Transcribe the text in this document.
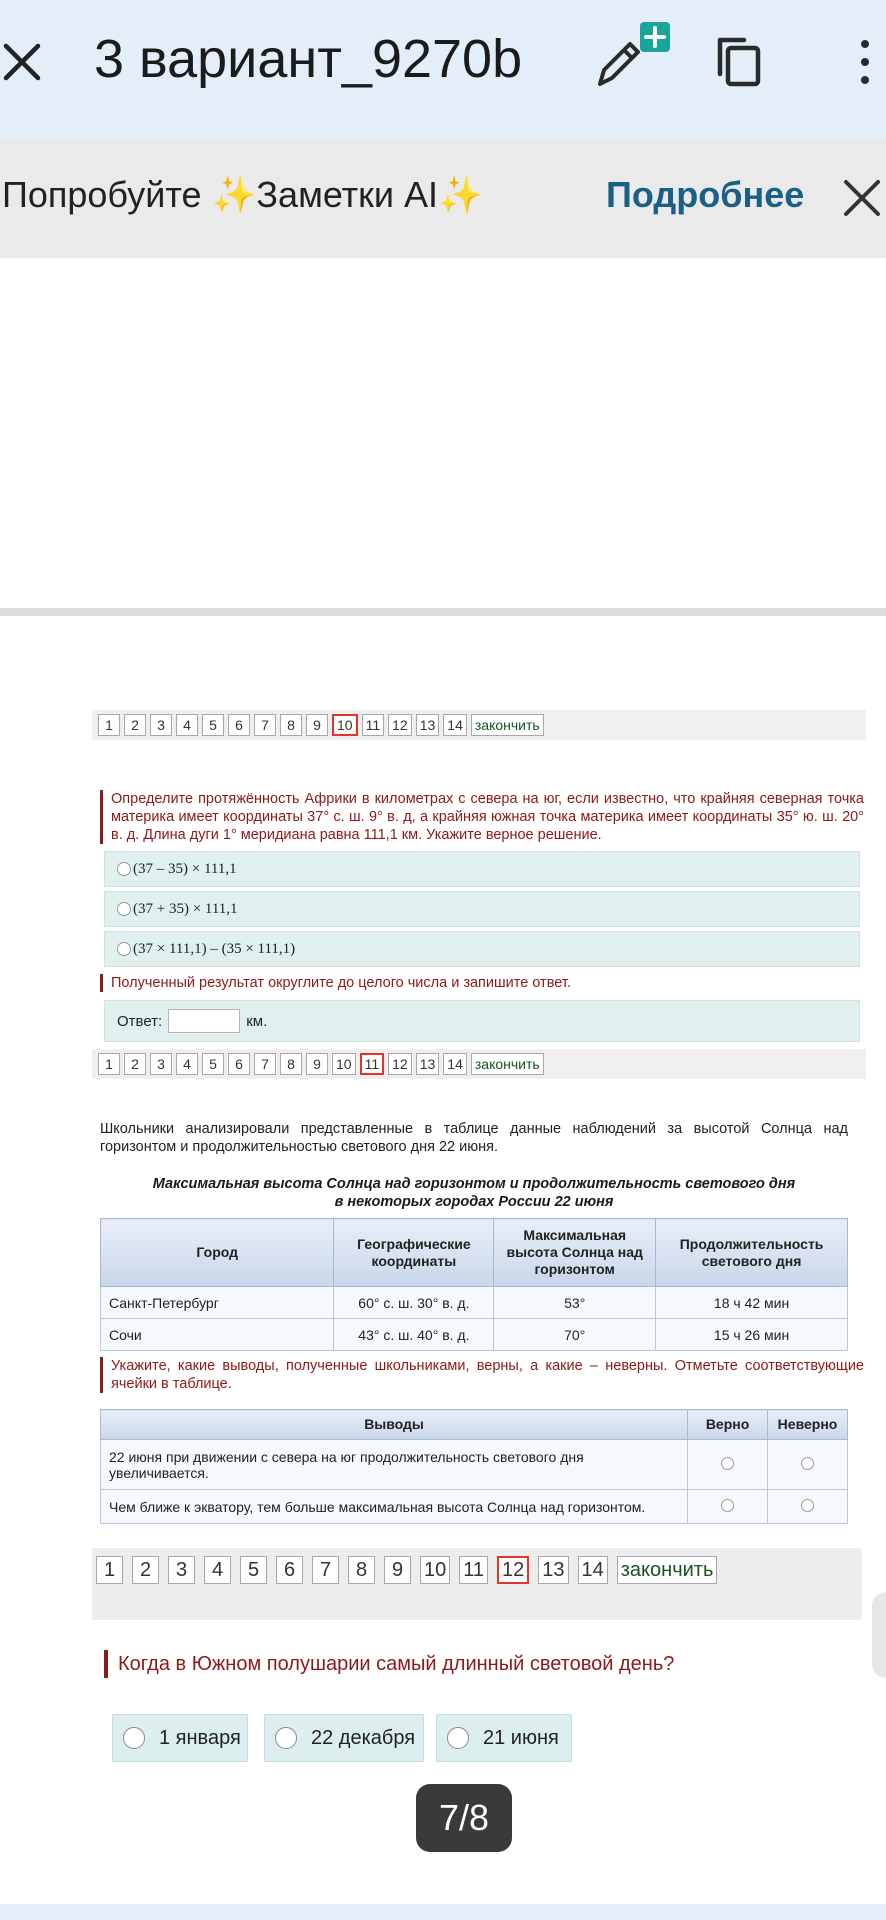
3 вариант_9270b
Попробуйте ✨Заметки AI✨	Подробнее
1	2	3	4	5	6	7	8	9	10 11 12 13 14 закончить
Определите протяжённость Африки в километрах с севера на юг, если известно, что крайняя северная точка материка имеет координаты 37° с. ш. 9° в. д, а крайняя южная точка материка имеет координаты 35° ю. ш. 20° в. д. Длина дуги 1° меридиана равна 111,1 км. Укажите верное решение.
(37 – 35) × 111,1
(37 + 35) × 111,1
(37 × 111,1) – (35 × 111,1)
Полученный результат округлите до целого числа и запишите ответ.
Ответ:	км.
1	2	3	4	5	6	7	8	9	10 11 12 13 14 закончить
Школьники анализировали представленные в таблице данные наблюдений за высотой Солнца над горизонтом и продолжительностью светового дня 22 июня.
Максимальная высота Солнца над горизонтом и продолжительность светового дня
в некоторых городах России 22 июня
Город	Географические координаты	Максимальная высота Солнца над горизонтом	Продолжительность светового дня
Санкт-Петербург	60° с. ш. 30° в. д.	53°	18 ч 42 мин
Сочи	43° с. ш. 40° в. д.	70°	15 ч 26 мин
Укажите, какие выводы, полученные школьниками, верны, а какие – неверны. Отметьте соответствующие ячейки в таблице.
Выводы	Верно	Неверно
22 июня при движении с севера на юг продолжительность светового дня увеличивается.		
Чем ближе к экватору, тем больше максимальная высота Солнца над горизонтом.		
1	2	3	4	5	6	7	8	9	10 11 12 13 14 закончить
Когда в Южном полушарии самый длинный световой день?
1 января	22 декабря	21 июня
7/8
